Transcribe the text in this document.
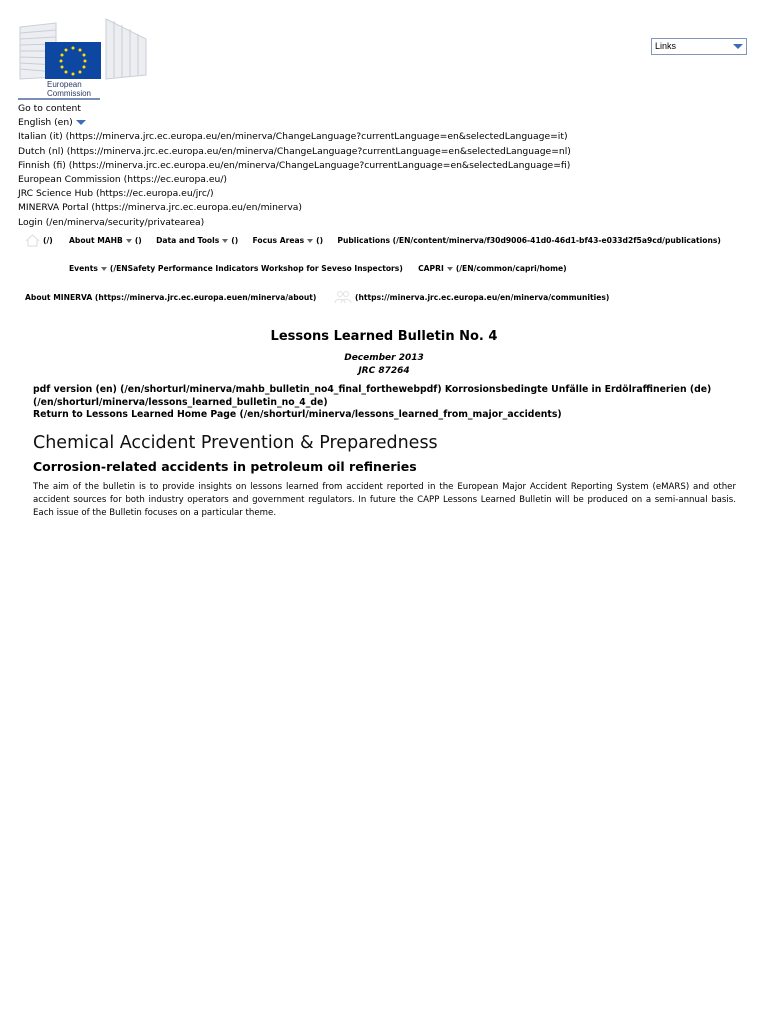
European
Commission
Links
Go to content
English (en)
Italian (it) (https://minerva.jrc.ec.europa.eu/en/minerva/ChangeLanguage?currentLanguage=en&selectedLanguage=it)
Dutch (nl) (https://minerva.jrc.ec.europa.eu/en/minerva/ChangeLanguage?currentLanguage=en&selectedLanguage=nl)
Finnish (fi) (https://minerva.jrc.ec.europa.eu/en/minerva/ChangeLanguage?currentLanguage=en&selectedLanguage=fi)
European Commission (https://ec.europa.eu/)
JRC Science Hub (https://ec.europa.eu/jrc/)
MINERVA Portal (https://minerva.jrc.ec.europa.eu/en/minerva)
Login (/en/minerva/security/privatearea)
(/) About MAHB () Data and Tools () Focus Areas () Publications (/EN/content/minerva/f30d9006-41d0-46d1-bf43-e033d2f5a9cd/publications)
Events (/ENSafety Performance Indicators Workshop for Seveso Inspectors) CAPRI (/EN/common/capri/home)
About MINERVA (https://minerva.jrc.ec.europa.euen/minerva/about)	(https://minerva.jrc.ec.europa.eu/en/minerva/communities)
Lessons Learned Bulletin No. 4
December 2013
JRC 87264
pdf version (en) (/en/shorturl/minerva/mahb_bulletin_no4_final_forthewebpdf) Korrosionsbedingte Unfälle in Erdölraffinerien (de)
(/en/shorturl/minerva/lessons_learned_bulletin_no_4_de)
Return to Lessons Learned Home Page (/en/shorturl/minerva/lessons_learned_from_major_accidents)
Chemical Accident Prevention & Preparedness
Corrosion-related accidents in petroleum oil refineries
The aim of the bulletin is to provide insights on lessons learned from accident reported in the European Major Accident Reporting System (eMARS) and other accident sources for both industry operators and government regulators. In future the CAPP Lessons Learned Bulletin will be produced on a semi-annual basis. Each issue of the Bulletin focuses on a particular theme.
